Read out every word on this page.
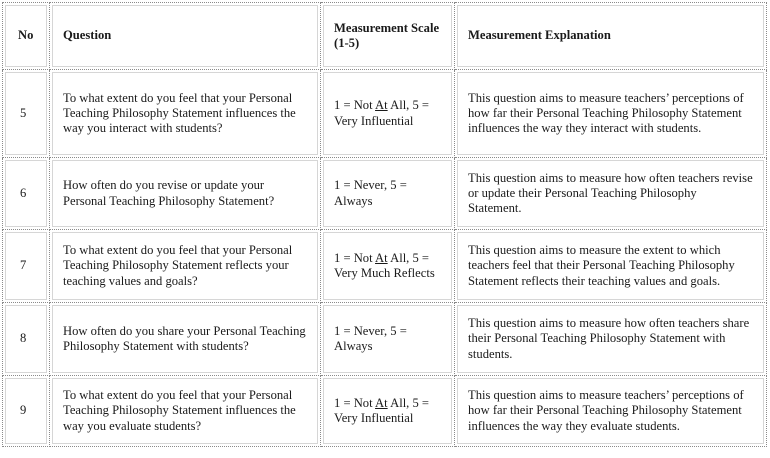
No	Question	Measurement Scale (1-5)	Measurement Explanation

5	To what extent do you feel that your Personal Teaching Philosophy Statement influences the way you interact with students?	1 = Not At All, 5 = Very Influential	This question aims to measure teachers’ perceptions of how far their Personal Teaching Philosophy Statement influences the way they interact with students.

6	How often do you revise or update your Personal Teaching Philosophy Statement?	1 = Never, 5 = Always	This question aims to measure how often teachers revise or update their Personal Teaching Philosophy Statement.

7	To what extent do you feel that your Personal Teaching Philosophy Statement reflects your teaching values and goals?	1 = Not At All, 5 = Very Much Reflects	This question aims to measure the extent to which teachers feel that their Personal Teaching Philosophy Statement reflects their teaching values and goals.

8	How often do you share your Personal Teaching Philosophy Statement with students?	1 = Never, 5 = Always	This question aims to measure how often teachers share their Personal Teaching Philosophy Statement with students.

9	To what extent do you feel that your Personal Teaching Philosophy Statement influences the way you evaluate students?	1 = Not At All, 5 = Very Influential	This question aims to measure teachers’ perceptions of how far their Personal Teaching Philosophy Statement influences the way they evaluate students.
